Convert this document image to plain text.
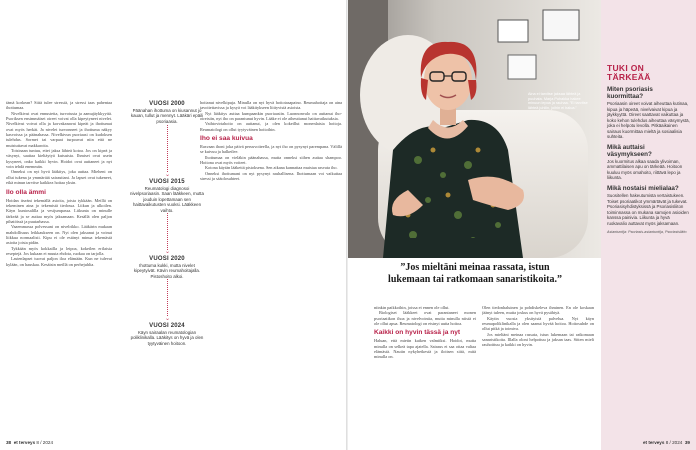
tämä korkean? Siitä tulee stressiä, ja stressi taas pahentaa ihottumaa.

Nivelkivut ovat ennustetta, turvotusta ja aamujäykkyyttä. Psoriksen ensimmäiset oireet voivat olla kipeytyneet nivelet. Nivelkivut voivat olla ja korvakanavat kipeät ja ihottumat ovat myös herkät. Ja nivelet turvonneet ja ihottuma näkyy kasvoissa ja päänahassa. Nivelkivun psoriaasi on kudoksen tulehdus. Sormet tai varpaat turpoavat niin että ne muistuttavat makkaroita.

Toisinaan tuntuu, ettei jaksa lähteä kotoa. Jos on kipeä ja väsynyt, saattaa kieltäytyä kutsuista. Ihmiset ovat usein kysyneet, onko kaikki hyvin. Hoidot ovat auttaneet ja nyt voin tehdä enemmän.

Onneksi on nyt hyvä lääkitys, joka auttaa. Mieheni on ollut tukena ja ymmärtää sairauttani. Ja lapset ovat tukeneet, eikä minun tarvitse kaikkea hoitaa yksin.

Ilo olla ämmi

Hoidan itseäni tekemällä asioita, joista tykkään. Meillä on tekeminen aina jo tekemistä tiedossa. Liikun ja ulkoilen. Käyn kuntosalilla ja vesijumpassa. Liikunta on minulle tärkeää ja se auttaa myös jaksamaan. Kesällä olen paljon pihatöissä ja puutarhassa.

Vaaemmassa polvessani on nivelrikko. Lääkärin mukaan mahdollisuus leikkaukseen on. Nyt olen jaksanut ja voinut liikkua normaalisti. Kipu ei ole estänyt minua tekemästä asioita joista pidän.

Tykkään myös kokkailla ja leipoa, kokeilen erilaisia reseptejä. Jos kukaan ei muuta ehdota, ruokaa on tarjolla.

Lastenlapset tuovat paljon iloa elämään. Kun ne tulevat kylään, on hauskaa. Kesäisin meillä on perhejuhlia.

VUOSI 2000
Päänahan ihottuma on kiusannut jo kauan, tullut ja mennyt. Lääkäri epäili psoriaasia.
⌄
VUOSI 2015
Reumatologi diagnosoi nivelpsoriaasin. Saan lääkkeen, mutta jouduin lopettamaan sen haittavaikutusten vuoksi. Lääkkeen vaihto.
⌄
VUOSI 2020
Ihottuma kukki, mutta nivelet kipeytyivät. Kävin reumahoitajalla. Pistoshoito alkoi.
⌄
VUOSI 2024
Käyn sairaalan reumatologian poliklinikalla. Lääkitys on hyvä ja olen tyytyväinen hoitoon.

hoitanut nivelkipuja. Minulla on nyt hyvä hoitotasapaino. Reumahoitaja on aina tavoitettavissa ja kysyä voi lääkitykseen liittyvistä asioista.

Nyt lääkitys auttaa kumpaankin psoriaasiin. Luonnonvalo on auttanut iho-oireisiin, nyt iho on parantunut hyvin. Lääke ei ole aiheuttanut haittavaikutuksia.

Vaihtovirtahoito on auttanut, ja olen kokeillut monenlaisia hoitoja. Reumatologi on ollut tyytyväinen hoitoihin.

Iho ei saa kuivua

Rasvaan ihoni joka päivä perusvoiteella, ja nyt iho on pysynyt parempana. Välillä se kuivuu ja halkeilee.

Ihottumaa on vieläkin päänahassa, mutta onneksi siihen auttaa shampoo. Hoitona ovat myös voiteet.

Kotona käytän lääkettä pistoksena. Sen aikana kannattaa muistaa rasvata iho.

Onneksi ihottumani on nyt pysynyt rauhallisena. Ihottumaan voi vaikuttaa stressi ja sääolosuhteet.

38 et terveys 8 / 2024
Aina ei tarvitse jaksaa lähteä ja puuhata. Marja Puhakka hakee minuun lepoa ja rauhaa. ”Ei tarvitse lähteä juhliin, joihin ei halua.”
”Jos mieltäni meinaa rassata, istun lukemaan tai ratkomaan sanaristikoita.”

niinkin paikkoihin, joissa ei ennen ole ollut.

Biologiset lääkkeet ovat parantaneet monen psoriaatikon ihoa ja nivelvointia, mutta minulla niistä ei ole ollut apua. Reumatologi on etsinyt uutta hoitoa.

Kaikki on hyvin tässä ja nyt

Haluan, että mietin kaiken valmiiksi. Hoidot, mutta minulla on selkeä tapa ajatella. Sairaus ei saa ottaa valtaa elämästä. Nautin nykyhetkestä ja iloitsen siitä, mitä minulla on.

Olen tiedonhaluinen ja pohdiskeleva ihminen. En ole koskaan jäänyt tuleen, mutta joskus on hyvä pysähtyä.

Käytin vuosia yksityistä palvelua. Nyt käyn reumapoliklinikalla ja olen saanut hyvää hoitoa. Hoitosuhde on ollut pitkä ja toimiva.

Jos mieltäni meinaa rassata, istun lukemaan tai ratkomaan sanaristikoita. Illalla oloni helpottuu ja jaksan taas. Sitten mieli rauhoittuu ja kaikki on hyvin.

TUKI ON TÄRKEÄÄ
Miten psoriasis kuormittaa?
Psoriaasin oireet voivat aiheuttaa kutinaa, kipua ja häpeää, nivelvaivat kipua ja jäykkyyttä. Oireet saattavat vaikuttaa ja koko kehon tulehdus aiheuttaa väsymystä, joka ei helpotu levolla. Pitkäaikainen sairaus kuormittaa mieltä ja sosiaalisia suhteita.
Mikä auttaisi väsymykseen?
Jos kuormitus alkaa saada ylivoiman, ammattilaisen apu on tärkeää. Hoitoon kuuluu myös omahoito, riittävä lepo ja liikunta.
Mikä nostaisi mielialaa?
Suositellen hakeutumista vertaistukeen. Toiset psoriaatikot ymmärtävät ja tukevat. Psoriasisyhdistyksissä ja Psoriasisliiton toiminnassa on mukana samojen asioiden kanssa painivia. Liikunta ja hyvä ruokavalio auttavat myös jaksamaan.
Asiantuntija: Psoriasis-asiantuntija, Psoriasisliitto
et terveys 8 / 2024 39
